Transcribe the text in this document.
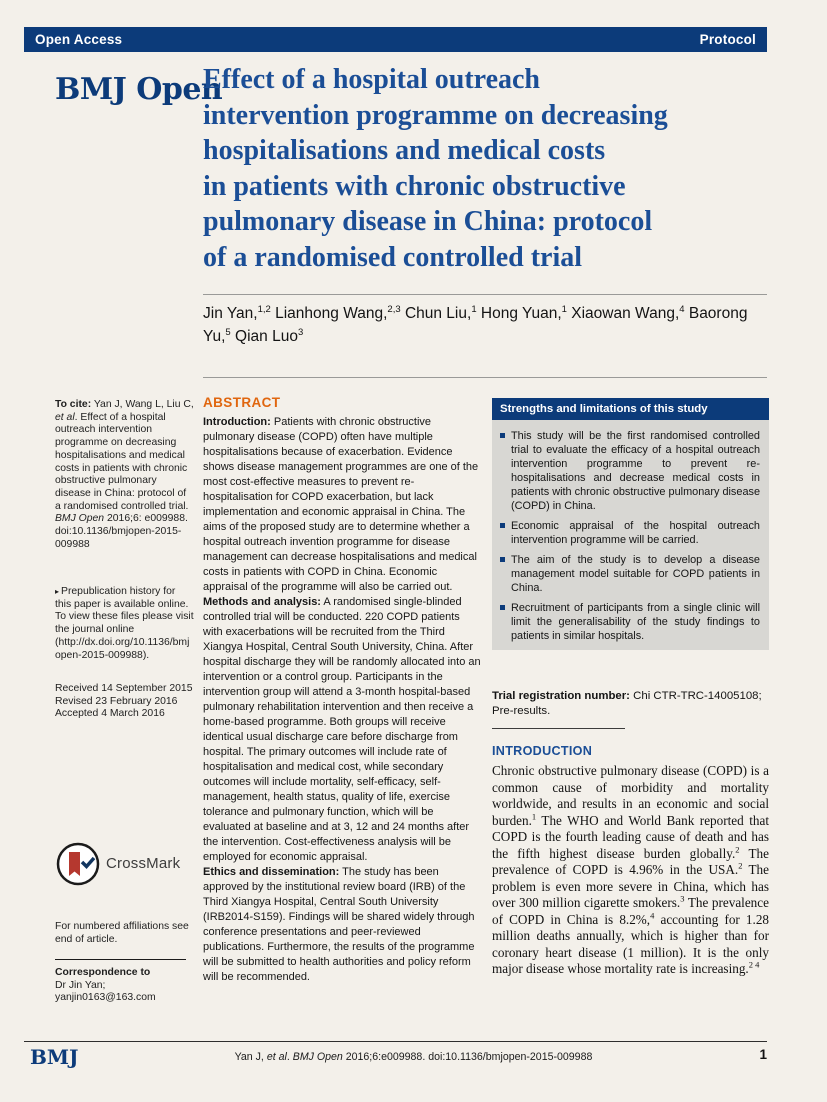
Open Access	Protocol
BMJ Open
Effect of a hospital outreach
intervention programme on decreasing
hospitalisations and medical costs
in patients with chronic obstructive
pulmonary disease in China: protocol
of a randomised controlled trial

Jin Yan,$^{1,2}$ Lianhong Wang,$^{2,3}$ Chun Liu,$^1$ Hong Yuan,$^1$ Xiaowan Wang,$^4$ Baorong Yu,$^5$ Qian Luo$^3$

To cite: Yan J, Wang L, Liu C, et al. Effect of a hospital outreach intervention programme on decreasing hospitalisations and medical costs in patients with chronic obstructive pulmonary disease in China: protocol of a randomised controlled trial. BMJ Open 2016;6: e009988. doi:10.1136/bmjopen-2015-009988

▸ Prepublication history for this paper is available online. To view these files please visit the journal online (http://dx.doi.org/10.1136/bmjopen-2015-009988).

Received 14 September 2015
Revised 23 February 2016
Accepted 4 March 2016
CrossMark

For numbered affiliations see end of article.

Correspondence to
Dr Jin Yan;
yanjin0163@163.com

ABSTRACT

Introduction: Patients with chronic obstructive pulmonary disease (COPD) often have multiple hospitalisations because of exacerbation. Evidence shows disease management programmes are one of the most cost-effective measures to prevent re-hospitalisation for COPD exacerbation, but lack implementation and economic appraisal in China. The aims of the proposed study are to determine whether a hospital outreach invention programme for disease management can decrease hospitalisations and medical costs in patients with COPD in China. Economic appraisal of the programme will also be carried out.

Methods and analysis: A randomised single-blinded controlled trial will be conducted. 220 COPD patients with exacerbations will be recruited from the Third Xiangya Hospital, Central South University, China. After hospital discharge they will be randomly allocated into an intervention or a control group. Participants in the intervention group will attend a 3-month hospital-based pulmonary rehabilitation intervention and then receive a home-based programme. Both groups will receive identical usual discharge care before discharge from hospital. The primary outcomes will include rate of hospitalisation and medical cost, while secondary outcomes will include mortality, self-efficacy, self-management, health status, quality of life, exercise tolerance and pulmonary function, which will be evaluated at baseline and at 3, 12 and 24 months after the intervention. Cost-effectiveness analysis will be employed for economic appraisal.

Ethics and dissemination: The study has been approved by the institutional review board (IRB) of the Third Xiangya Hospital, Central South University (IRB2014-S159). Findings will be shared widely through conference presentations and peer-reviewed publications. Furthermore, the results of the programme will be submitted to health authorities and policy reform will be recommended.

Strengths and limitations of this study
This study will be the first randomised controlled trial to evaluate the efficacy of a hospital outreach intervention programme to prevent re-hospitalisations and decrease medical costs in patients with chronic obstructive pulmonary disease (COPD) in China.
Economic appraisal of the hospital outreach intervention programme will be carried.
The aim of the study is to develop a disease management model suitable for COPD patients in China.
Recruitment of participants from a single clinic will limit the generalisability of the study findings to patients in similar hospitals.

Trial registration number: Chi CTR-TRC-14005108; Pre-results.

INTRODUCTION

Chronic obstructive pulmonary disease (COPD) is a common cause of morbidity and mortality worldwide, and results in an economic and social burden.$^1$ The WHO and World Bank reported that COPD is the fourth leading cause of death and has the fifth highest disease burden globally.$^2$ The prevalence of COPD is 4.96% in the USA.$^2$ The problem is even more severe in China, which has over 300 million cigarette smokers.$^3$ The prevalence of COPD in China is 8.2%,$^4$ accounting for 1.28 million deaths annually, which is higher than for coronary heart disease (1 million). It is the only major disease whose mortality rate is increasing.$^{2 4}$

BMJ	Yan J, et al. BMJ Open 2016;6:e009988. doi:10.1136/bmjopen-2015-009988	1
